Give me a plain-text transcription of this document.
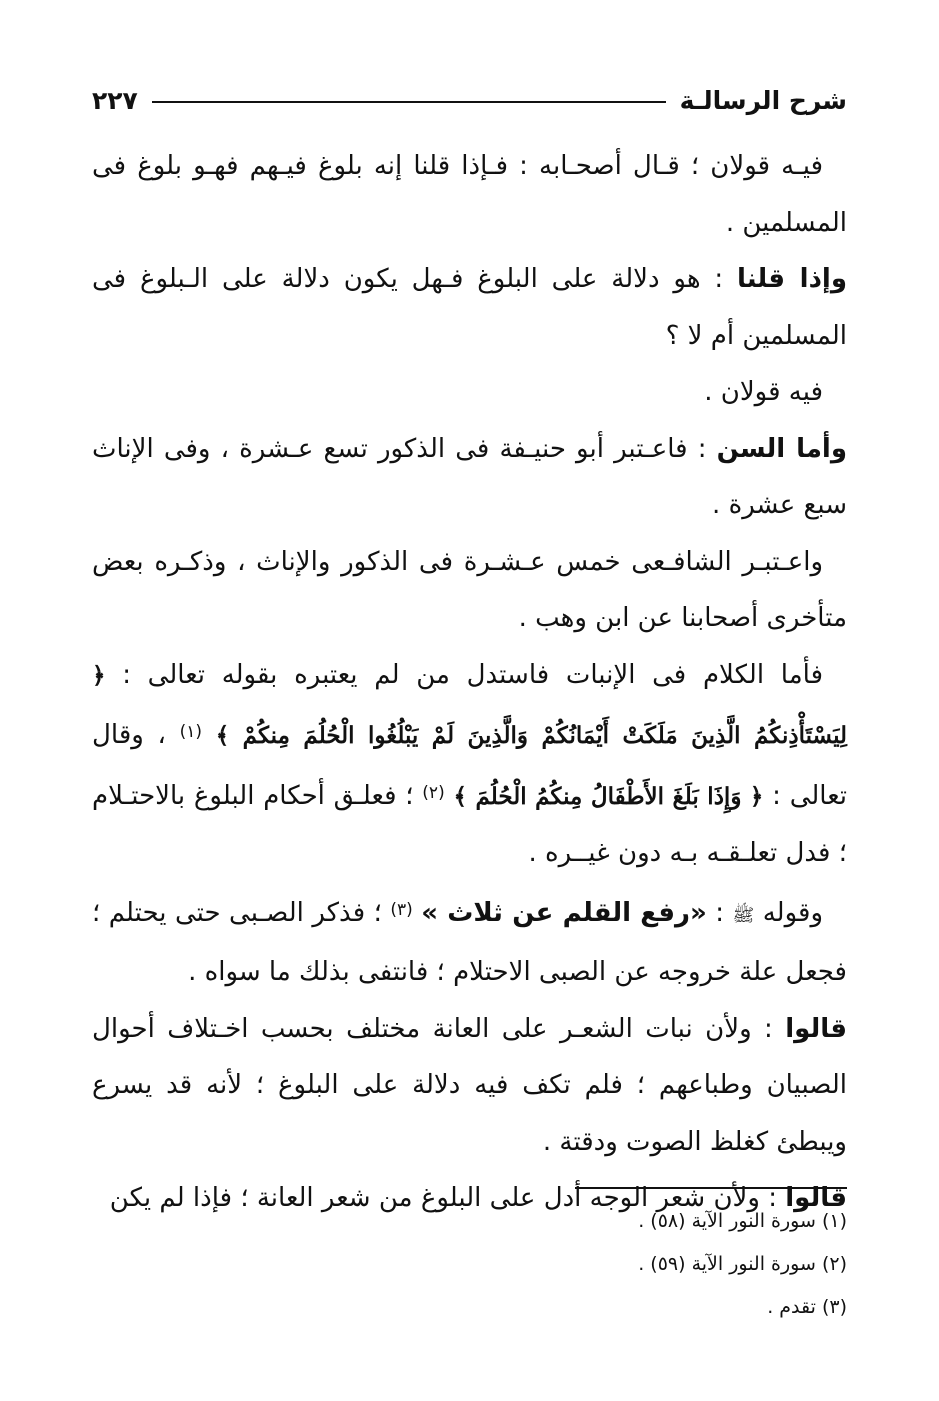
شرح الرسالـة
٢٢٧

فيـه قولان ؛ قـال أصحـابه : فـإذا قلنا إنه بلوغ فيـهم فهـو بلوغ فى المسلمين .

وإذا قلنا : هو دلالة على البلوغ فـهل يكون دلالة على الـبلوغ فى المسلمين أم لا ؟

فيه قولان .

وأما السن : فاعـتبر أبو حنيـفة فى الذكور تسع عـشرة ، وفى الإناث سبع عشرة .

واعـتبـر الشافـعى خمس عـشـرة فى الذكور والإناث ، وذكـره بعض متأخرى أصحابنا عن ابن وهب .

فأما الكلام فى الإنبات فاستدل من لم يعتبره بقوله تعالى : ﴿ لِيَسْتَأْذِنكُمُ الَّذِينَ مَلَكَتْ أَيْمَانُكُمْ وَالَّذِينَ لَمْ يَبْلُغُوا الْحُلُمَ مِنكُمْ ﴾ $^{(١)}$ ، وقال تعالى : ﴿ وَإِذَا بَلَغَ الأَطْفَالُ مِنكُمُ الْحُلُمَ ﴾ $^{(٢)}$ ؛ فعلـق أحكام البلوغ بالاحتـلام ؛ فدل تعلـقـه بـه دون غيــره .

وقوله ﷺ : «رفع القلم عن ثلاث » $^{(٣)}$ ؛ فذكر الصـبى حتى يحتلم ؛ فجعل علة خروجه عن الصبى الاحتلام ؛ فانتفى بذلك ما سواه .

قالوا : ولأن نبات الشعـر على العانة مختلف بحسب اخـتلاف أحوال الصبيان وطباعهم ؛ فلم تكف فيه دلالة على البلوغ ؛ لأنه قد يسرع ويبطئ كغلظ الصوت ودقتة .

قالوا : ولأن شعر الوجه أدل على البلوغ من شعر العانة ؛ فإذا لم يكن

(١) سورة النور الآية (٥٨) .

(٢) سورة النور الآية (٥٩) .

(٣) تقدم .
